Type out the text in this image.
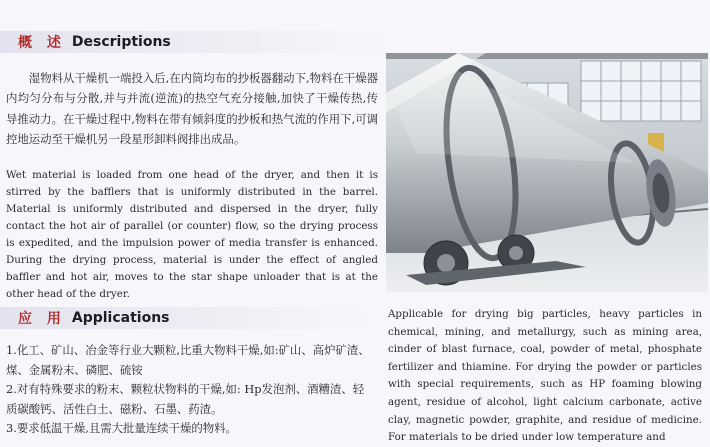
概 述 Descriptions

湿物料从干燥机一端投入后,在内筒均布的抄板器翻动下,物料在干燥器内均匀分布与分散,并与并流(逆流)的热空气充分接触,加快了干燥传热,传导推动力。在干燥过程中,物料在带有倾斜度的抄板和热气流的作用下,可调控地运动至干燥机另一段星形卸料阀排出成品。

Wet material is loaded from one head of the dryer, and then it is stirred by the bafflers that is uniformly distributed in the barrel. Material is uniformly distributed and dispersed in the dryer, fully contact the hot air of parallel (or counter) flow, so the drying process is expedited, and the impulsion power of media transfer is enhanced. During the drying process, material is under the effect of angled baffler and hot air, moves to the star shape unloader that is at the other head of the dryer.

应 用 Applications
1.化工、矿山、冶金等行业大颗粒,比重大物料干燥,如:矿山、高炉矿渣、煤、金属粉末、磷肥、硫铵
2.对有特殊要求的粉末、颗粒状物料的干燥,如: Hp发泡剂、酒糟渣、轻质碳酸钙、活性白土、磁粉、石墨、药渣。
3.要求低温干燥,且需大批量连续干燥的物料。

Applicable for drying big particles, heavy particles in chemical, mining, and metallurgy, such as mining area, cinder of blast furnace, coal, powder of metal, phosphate fertilizer and thiamine. For drying the powder or particles with special requirements, such as HP foaming blowing agent, residue of alcohol, light calcium carbonate, active clay, magnetic powder, graphite, and residue of medicine. For materials to be dried under low temperature and
